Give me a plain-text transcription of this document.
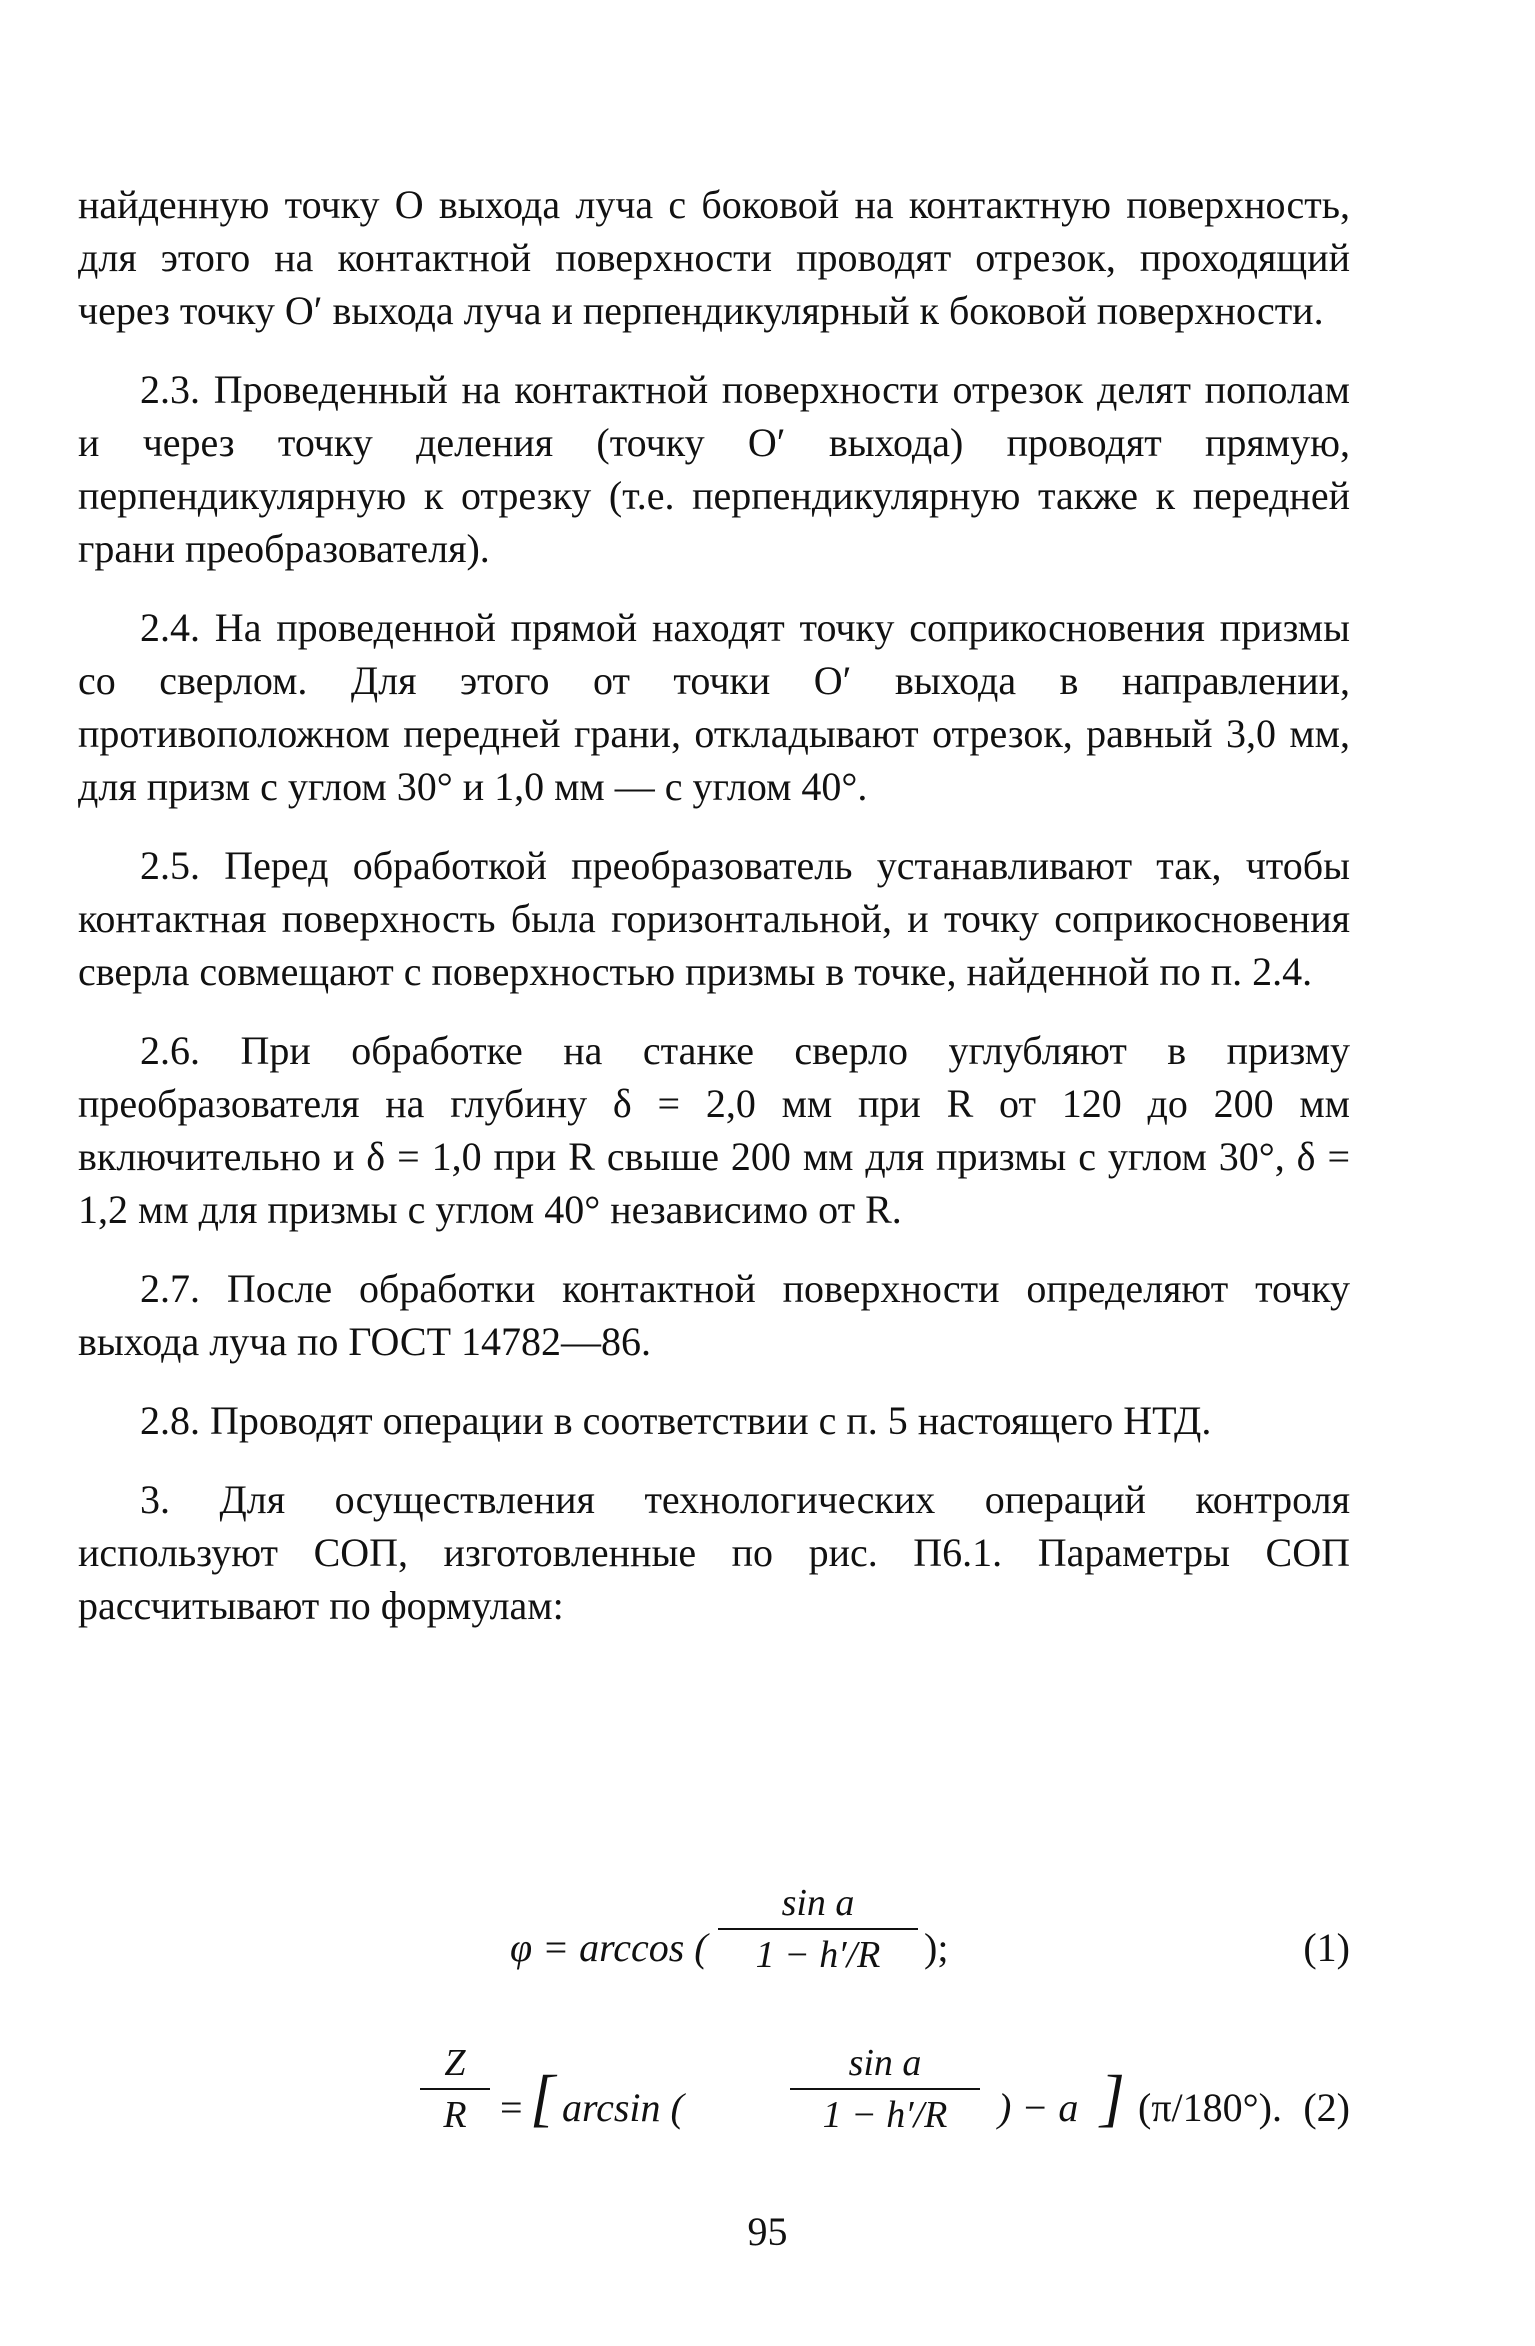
найденную точку О выхода луча с боковой на контактную поверхность, для этого на контактной поверхности проводят отрезок, проходящий через точку О′ выхода луча и перпендикулярный к боковой поверхности.

2.3. Проведенный на контактной поверхности отрезок делят пополам и через точку деления (точку О′ выхода) проводят прямую, перпендикулярную к отрезку (т.е. перпендикулярную также к передней грани преобразователя).

2.4. На проведенной прямой находят точку соприкосновения призмы со сверлом. Для этого от точки О′ выхода в направлении, противоположном передней грани, откладывают отрезок, равный 3,0 мм, для призм с углом 30° и 1,0 мм — с углом 40°.

2.5. Перед обработкой преобразователь устанавливают так, чтобы контактная поверхность была горизонтальной, и точку соприкосновения сверла совмещают с поверхностью призмы в точке, найденной по п. 2.4.

2.6. При обработке на станке сверло углубляют в призму преобразователя на глубину δ = 2,0 мм при R от 120 до 200 мм включительно и δ = 1,0 при R свыше 200 мм для призмы с углом 30°, δ = 1,2 мм для призмы с углом 40° независимо от R.

2.7. После обработки контактной поверхности определяют точку выхода луча по ГОСТ 14782—86.

2.8. Проводят операции в соответствии с п. 5 настоящего НТД.

3. Для осуществления технологических операций контроля используют СОП, изготовленные по рис. П6.1. Параметры СОП рассчитывают по формулам:

φ = arccos (
sin a
1 − h′/R	);	(1)
Z
R = [ arcsin (
sin a
1 − h′/R	) − a ] (π/180°). (2)
95
